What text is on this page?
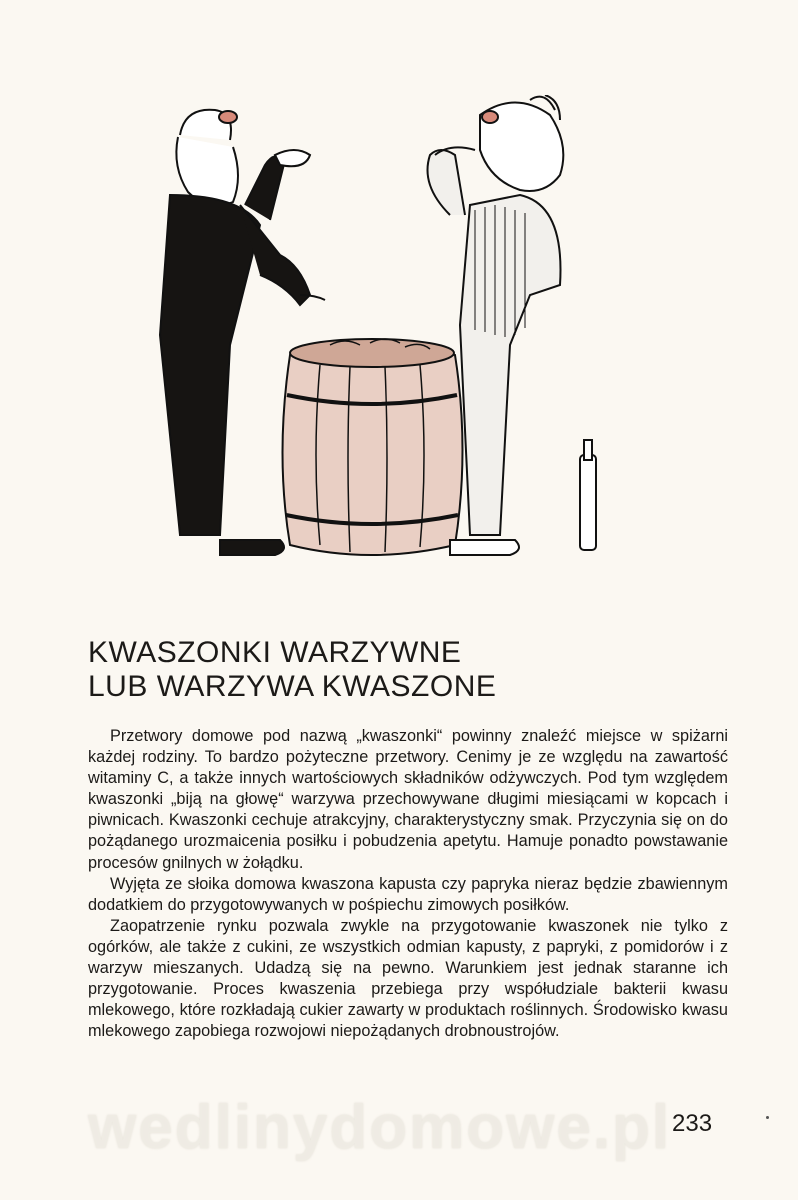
KWASZONKI WARZYWNE
LUB WARZYWA KWASZONE

Przetwory domowe pod nazwą „kwaszonki“ powinny znaleźć miejsce w spiżarni każdej rodziny. To bardzo pożyteczne przetwory. Cenimy je ze względu na zawartość witaminy C, a także innych wartościowych składników odżywczych. Pod tym względem kwaszonki „biją na głowę“ warzywa przechowywane długimi miesiącami w kopcach i piwnicach. Kwaszonki cechuje atrakcyjny, charakterystyczny smak. Przyczynia się on do pożądanego urozmaicenia posiłku i pobudzenia apetytu. Hamuje ponadto powstawanie procesów gnilnych w żołądku.

Wyjęta ze słoika domowa kwaszona kapusta czy papryka nieraz będzie zbawiennym dodatkiem do przygotowywanych w pośpiechu zimowych posiłków.

Zaopatrzenie rynku pozwala zwykle na przygotowanie kwaszonek nie tylko z ogórków, ale także z cukini, ze wszystkich odmian kapusty, z papryki, z pomidorów i z warzyw mieszanych. Udadzą się na pewno. Warunkiem jest jednak staranne ich przygotowanie. Proces kwaszenia przebiega przy współudziale bakterii kwasu mlekowego, które rozkładają cukier zawarty w produktach roślinnych. Środowisko kwasu mlekowego zapobiega rozwojowi niepożądanych drobnoustrojów.

wedlinydomowe.pl 233
